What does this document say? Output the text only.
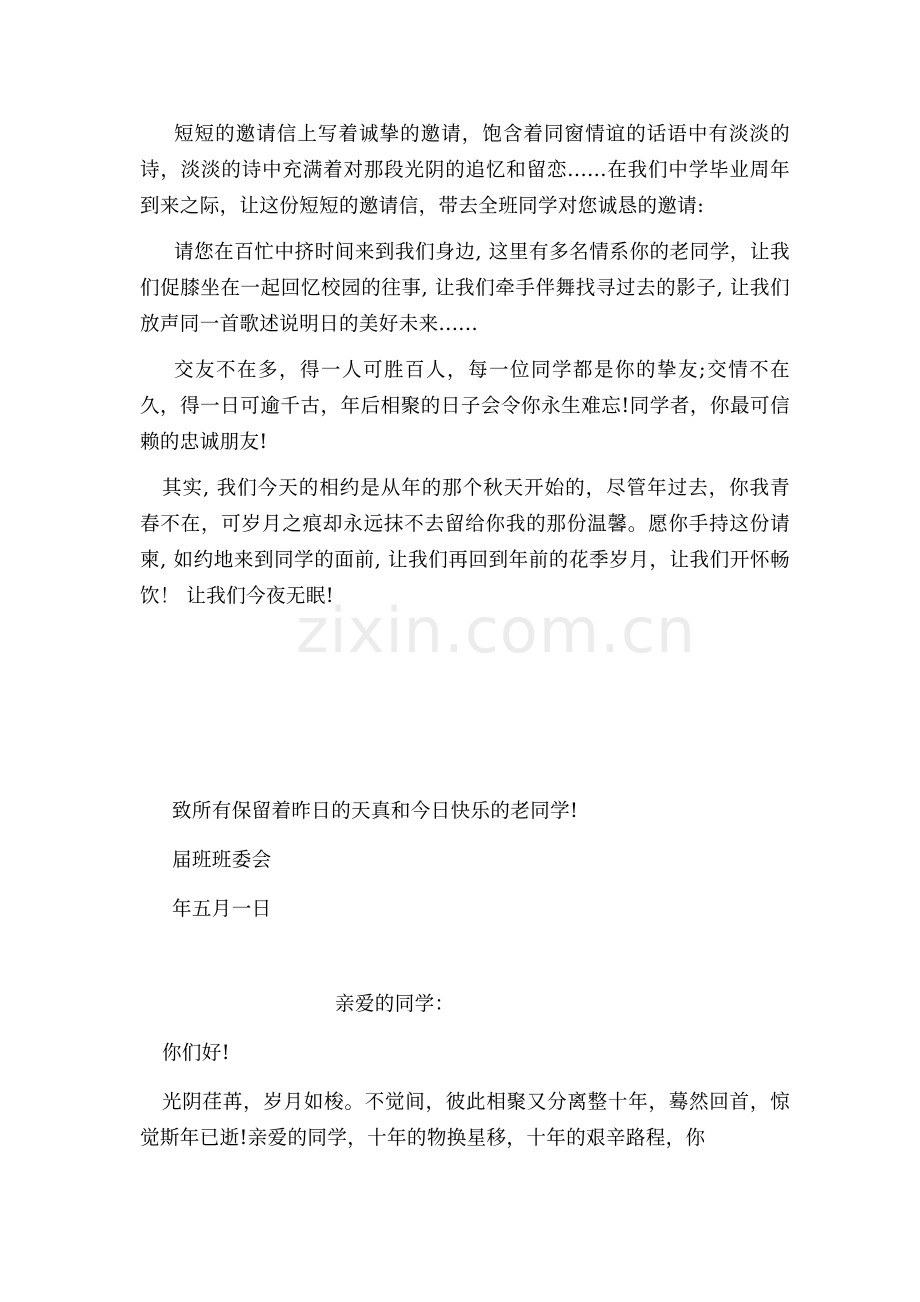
zixin.com.cn

短短的邀请信上写着诚挚的邀请，饱含着同窗情谊的话语中有淡淡的诗，淡淡的诗中充满着对那段光阴的追忆和留恋......在我们中学毕业周年到来之际，让这份短短的邀请信，带去全班同学对您诚恳的邀请:

请您在百忙中挤时间来到我们身边, 这里有多名情系你的老同学，让我们促膝坐在一起回忆校园的往事, 让我们牵手伴舞找寻过去的影子, 让我们放声同一首歌述说明日的美好未来......

交友不在多，得一人可胜百人，每一位同学都是你的挚友;交情不在久，得一日可逾千古，年后相聚的日子会令你永生难忘!同学者，你最可信赖的忠诚朋友!

其实, 我们今天的相约是从年的那个秋天开始的，尽管年过去，你我青春不在，可岁月之痕却永远抹不去留给你我的那份温馨。愿你手持这份请柬, 如约地来到同学的面前, 让我们再回到年前的花季岁月，让我们开怀畅饮！ 让我们今夜无眠!

致所有保留着昨日的天真和今日快乐的老同学!
届班班委会
年五月一日
亲爱的同学：
你们好!

光阴荏苒，岁月如梭。不觉间，彼此相聚又分离整十年，蓦然回首，惊觉斯年已逝!亲爱的同学，十年的物换星移，十年的艰辛路程，你
